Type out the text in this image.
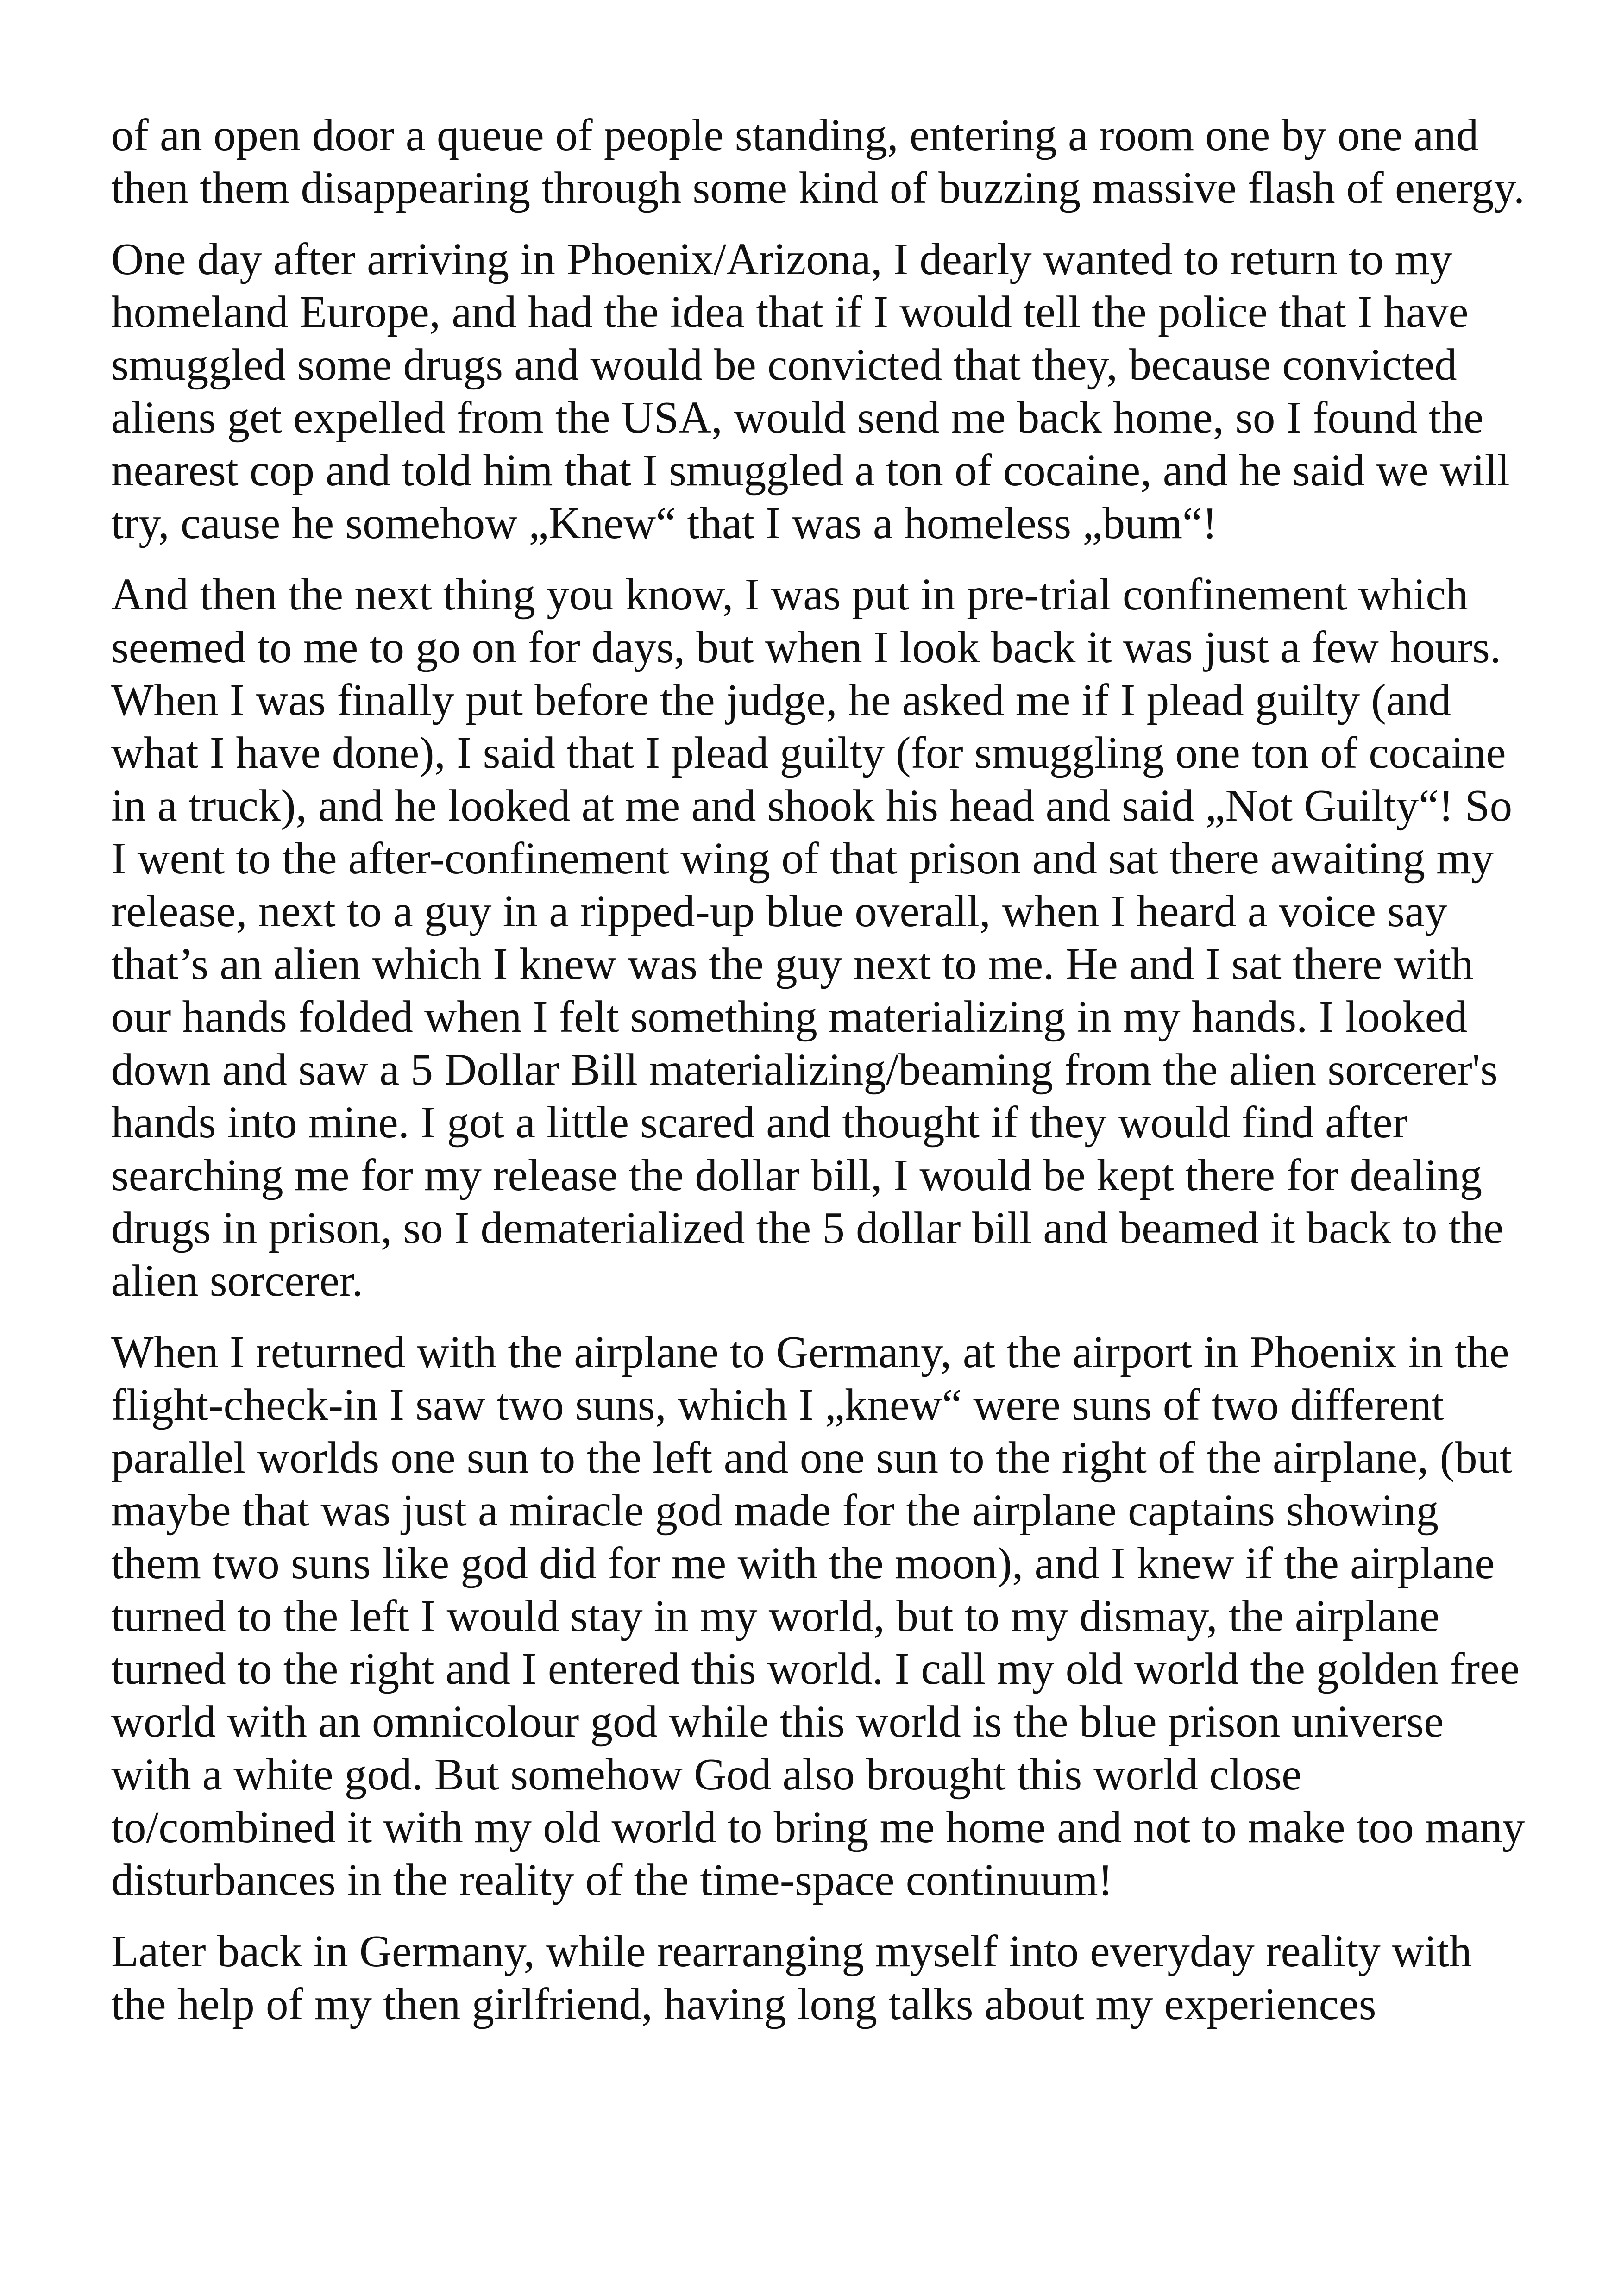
of an open door a queue of people standing, entering a room one by one and then them disappearing through some kind of buzzing massive flash of energy.

One day after arriving in Phoenix/Arizona, I dearly wanted to return to my homeland Europe, and had the idea that if I would tell the police that I have smuggled some drugs and would be convicted that they, because convicted aliens get expelled from the USA, would send me back home, so I found the nearest cop and told him that I smuggled a ton of cocaine, and he said we will try, cause he somehow „Knew“ that I was a homeless „bum“!

And then the next thing you know, I was put in pre-trial confinement which seemed to me to go on for days, but when I look back it was just a few hours. When I was finally put before the judge, he asked me if I plead guilty (and what I have done), I said that I plead guilty (for smuggling one ton of cocaine in a truck), and he looked at me and shook his head and said „Not Guilty“! So I went to the after-confinement wing of that prison and sat there awaiting my release, next to a guy in a ripped-up blue overall, when I heard a voice say that’s an alien which I knew was the guy next to me. He and I sat there with our hands folded when I felt something materializing in my hands. I looked down and saw a 5 Dollar Bill materializing/beaming from the alien sorcerer's hands into mine. I got a little scared and thought if they would find after searching me for my release the dollar bill, I would be kept there for dealing drugs in prison, so I dematerialized the 5 dollar bill and beamed it back to the alien sorcerer.

When I returned with the airplane to Germany, at the airport in Phoenix in the flight-check-in I saw two suns, which I „knew“ were suns of two different parallel worlds one sun to the left and one sun to the right of the airplane, (but maybe that was just a miracle god made for the airplane captains showing them two suns like god did for me with the moon), and I knew if the airplane turned to the left I would stay in my world, but to my dismay, the airplane turned to the right and I entered this world. I call my old world the golden free world with an omnicolour god while this world is the blue prison universe with a white god. But somehow God also brought this world close to/combined it with my old world to bring me home and not to make too many disturbances in the reality of the time-space continuum!

Later back in Germany, while rearranging myself into everyday reality with the help of my then girlfriend, having long talks about my experiences
